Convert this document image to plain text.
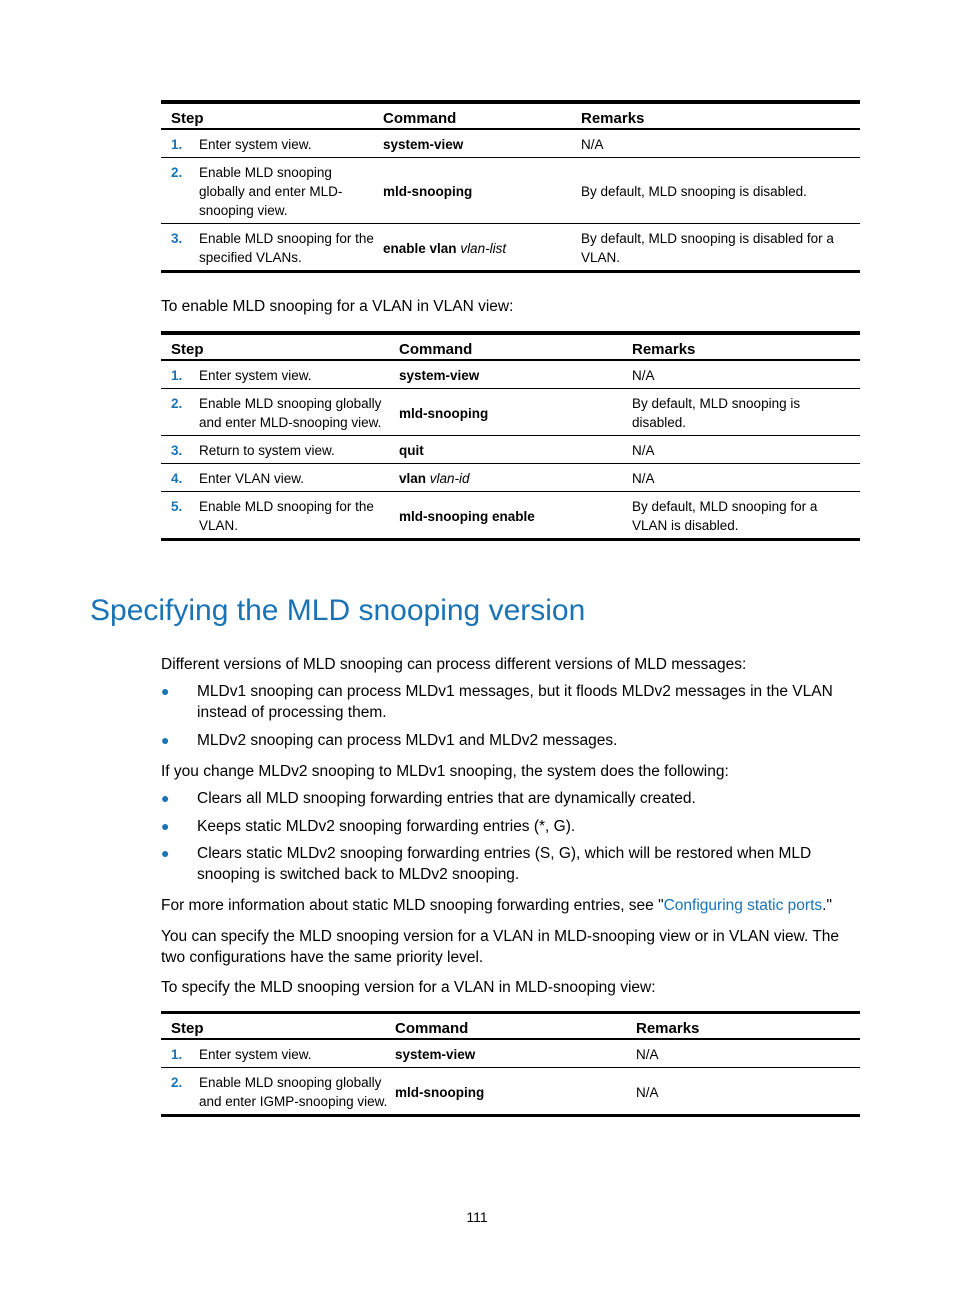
Step		Command	Remarks
1.	Enter system view.	system-view	N/A
2.	Enable MLD snooping globally and enter MLD-snooping view.	mld-snooping	By default, MLD snooping is disabled.
3.	Enable MLD snooping for the specified VLANs.	enable vlan vlan-list	By default, MLD snooping is disabled for a VLAN.

To enable MLD snooping for a VLAN in VLAN view:

Step		Command	Remarks
1.	Enter system view.	system-view	N/A
2.	Enable MLD snooping globally and enter MLD-snooping view.	mld-snooping	By default, MLD snooping is disabled.
3.	Return to system view.	quit	N/A
4.	Enter VLAN view.	vlan vlan-id	N/A
5.	Enable MLD snooping for the VLAN.	mld-snooping enable	By default, MLD snooping for a VLAN is disabled.
Specifying the MLD snooping version

Different versions of MLD snooping can process different versions of MLD messages:

● MLDv1 snooping can process MLDv1 messages, but it floods MLDv2 messages in the VLAN instead of processing them.
● MLDv2 snooping can process MLDv1 and MLDv2 messages.

If you change MLDv2 snooping to MLDv1 snooping, the system does the following:

● Clears all MLD snooping forwarding entries that are dynamically created.
● Keeps static MLDv2 snooping forwarding entries (*, G).
● Clears static MLDv2 snooping forwarding entries (S, G), which will be restored when MLD snooping is switched back to MLDv2 snooping.

For more information about static MLD snooping forwarding entries, see "Configuring static ports."

You can specify the MLD snooping version for a VLAN in MLD-snooping view or in VLAN view. The two configurations have the same priority level.

To specify the MLD snooping version for a VLAN in MLD-snooping view:

Step		Command	Remarks
1.	Enter system view.	system-view	N/A
2.	Enable MLD snooping globally and enter IGMP-snooping view.	mld-snooping	N/A
111
